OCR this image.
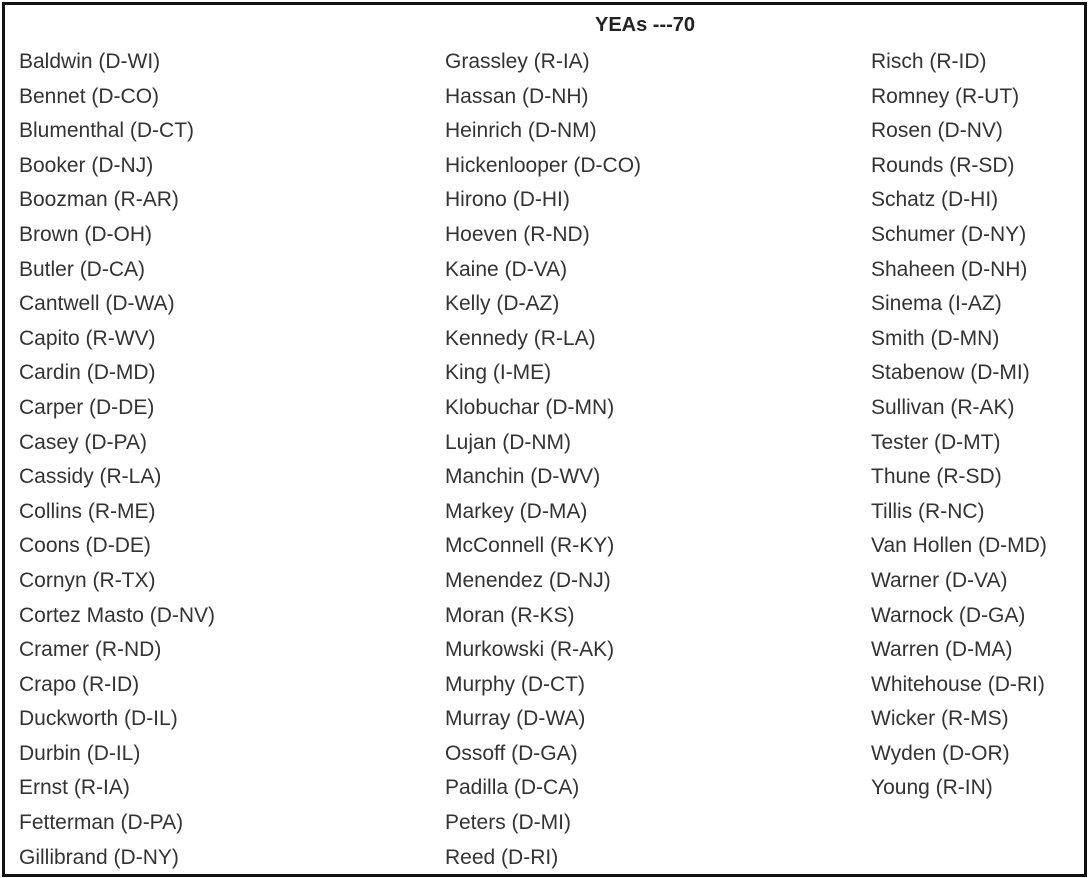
YEAs ---70
Baldwin (D-WI)
Bennet (D-CO)
Blumenthal (D-CT)
Booker (D-NJ)
Boozman (R-AR)
Brown (D-OH)
Butler (D-CA)
Cantwell (D-WA)
Capito (R-WV)
Cardin (D-MD)
Carper (D-DE)
Casey (D-PA)
Cassidy (R-LA)
Collins (R-ME)
Coons (D-DE)
Cornyn (R-TX)
Cortez Masto (D-NV)
Cramer (R-ND)
Crapo (R-ID)
Duckworth (D-IL)
Durbin (D-IL)
Ernst (R-IA)
Fetterman (D-PA)
Gillibrand (D-NY)
Grassley (R-IA)
Hassan (D-NH)
Heinrich (D-NM)
Hickenlooper (D-CO)
Hirono (D-HI)
Hoeven (R-ND)
Kaine (D-VA)
Kelly (D-AZ)
Kennedy (R-LA)
King (I-ME)
Klobuchar (D-MN)
Lujan (D-NM)
Manchin (D-WV)
Markey (D-MA)
McConnell (R-KY)
Menendez (D-NJ)
Moran (R-KS)
Murkowski (R-AK)
Murphy (D-CT)
Murray (D-WA)
Ossoff (D-GA)
Padilla (D-CA)
Peters (D-MI)
Reed (D-RI)
Risch (R-ID)
Romney (R-UT)
Rosen (D-NV)
Rounds (R-SD)
Schatz (D-HI)
Schumer (D-NY)
Shaheen (D-NH)
Sinema (I-AZ)
Smith (D-MN)
Stabenow (D-MI)
Sullivan (R-AK)
Tester (D-MT)
Thune (R-SD)
Tillis (R-NC)
Van Hollen (D-MD)
Warner (D-VA)
Warnock (D-GA)
Warren (D-MA)
Whitehouse (D-RI)
Wicker (R-MS)
Wyden (D-OR)
Young (R-IN)
